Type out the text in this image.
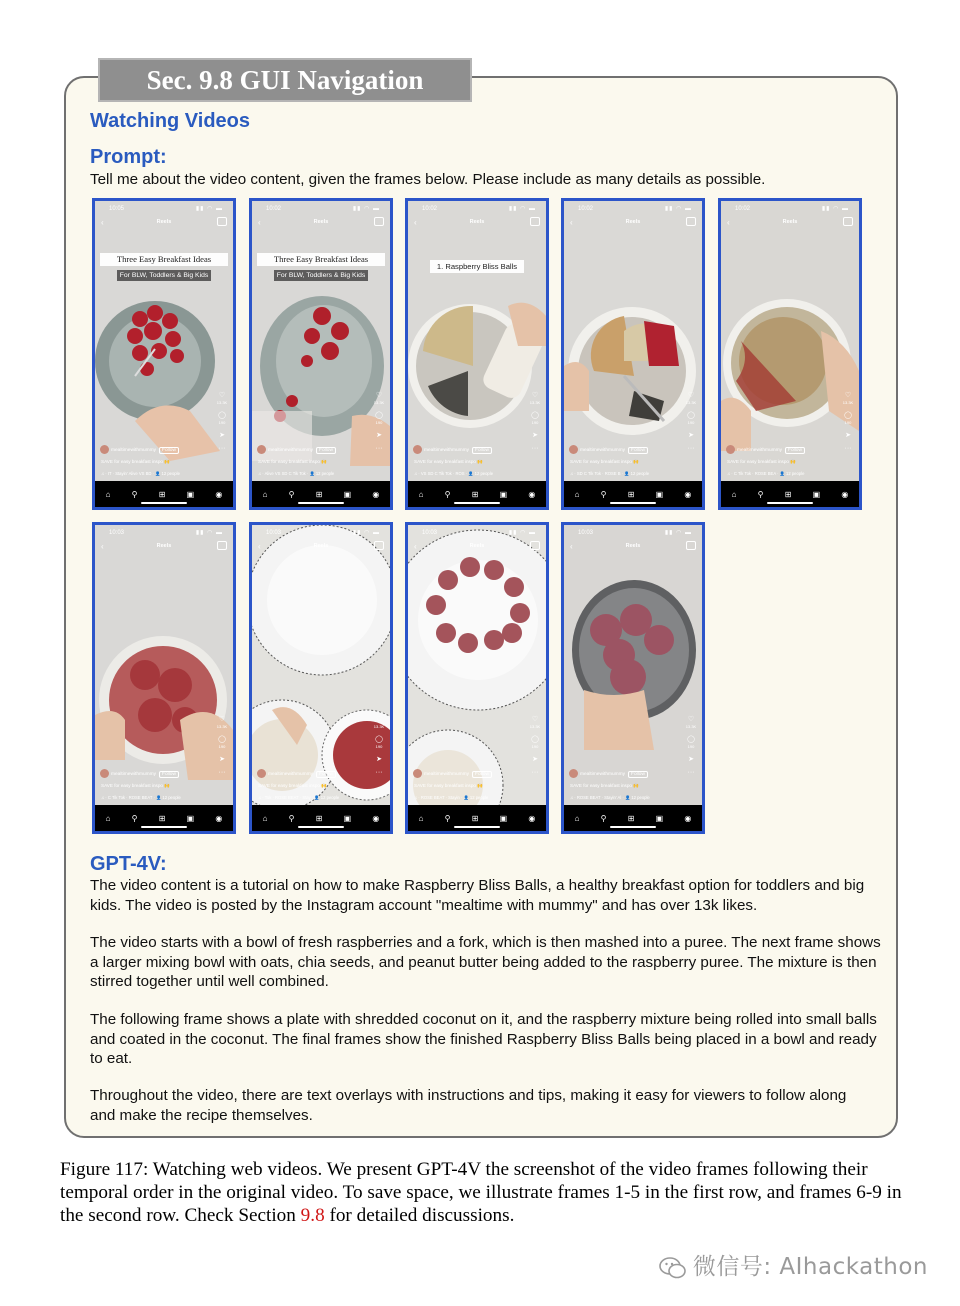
Sec. 9.8 GUI Navigation
Watching Videos
Prompt:
Tell me about the video content, given the frames below. Please include as many details as possible.
10:05	▮▮ ◠ ▬
‹	Reels
Three Easy Breakfast Ideas
For BLW, Toddlers & Big Kids
♡
13.3K
◯
190
➤
···
mealtimewithmummy Follow
SAVE for easy breakfast inspo 🙌
♫ · IT · Stayin' Alive VS BD · 👤 12 people
⌂	⚲	⊞	▣	◉
10:02	▮▮ ◠ ▬
‹	Reels
Three Easy Breakfast Ideas
For BLW, Toddlers & Big Kids
♡
13.3K
◯
190
➤
···
mealtimewithmummy Follow
SAVE for easy breakfast inspo 🙌
♫ · Alive VS SD C Tik Tok · 👤 12 people
⌂	⚲	⊞	▣	◉
10:02	▮▮ ◠ ▬
‹	Reels
1. Raspberry Bliss Balls
♡
13.3K
◯
190
➤
···
mealtimewithmummy Follow
SAVE for easy breakfast inspo 🙌
♫ · VS SD C Tik Tok · ROS · 👤 12 people
⌂	⚲	⊞	▣	◉
10:02	▮▮ ◠ ▬
‹	Reels
♡
13.3K
◯
190
➤
···
mealtimewithmummy Follow
SAVE for easy breakfast inspo 🙌
♫ · SD C Tik Tok · ROSE B · 👤 12 people
⌂	⚲	⊞	▣	◉
10:02	▮▮ ◠ ▬
‹	Reels
♡
13.3K
◯
190
➤
···
mealtimewithmummy Follow
SAVE for easy breakfast inspo 🙌
♫ · C Tik Tok · ROSE BEA · 👤 12 people
⌂	⚲	⊞	▣	◉
10:03	▮▮ ◠ ▬
‹	Reels
♡
13.3K
◯
190
➤
···
mealtimewithmummy Follow
SAVE for easy breakfast inspo 🙌
♫ · C Tik Tok · ROSE BEAT · 👤 12 people
⌂	⚲	⊞	▣	◉
10:03	▮▮ ◠ ▬
‹	Reels
♡
13.3K
◯
190
➤
···
mealtimewithmummy Follow
SAVE for easy breakfast inspo 🙌
♫ · Tok · ROSE BEAT · Stay · 👤 12 people
⌂	⚲	⊞	▣	◉
10:03	▮▮ ◠ ▬
‹	Reels
♡
13.3K
◯
190
➤
···
mealtimewithmummy Follow
SAVE for easy breakfast inspo 🙌
♫ · ROSE BEAT · Stayin · 👤 12 people
⌂	⚲	⊞	▣	◉
10:03	▮▮ ◠ ▬
‹	Reels
♡
13.3K
◯
190
➤
···
mealtimewithmummy Follow
SAVE for easy breakfast inspo 🙌
♫ · ROSE BEAT · Stayin' Al · 👤 12 people
⌂	⚲	⊞	▣	◉
GPT-4V:
The video content is a tutorial on how to make Raspberry Bliss Balls, a healthy breakfast option for toddlers and big kids. The video is posted by the Instagram account "mealtime with mummy" and has over 13k likes.
The video starts with a bowl of fresh raspberries and a fork, which is then mashed into a puree. The next frame shows a larger mixing bowl with oats, chia seeds, and peanut butter being added to the raspberry puree. The mixture is then stirred together until well combined.
The following frame shows a plate with shredded coconut on it, and the raspberry mixture being rolled into small balls and coated in the coconut. The final frames show the finished Raspberry Bliss Balls being placed in a bowl and ready to eat.
Throughout the video, there are text overlays with instructions and tips, making it easy for viewers to follow along and make the recipe themselves.
Figure 117: Watching web videos. We present GPT-4V the screenshot of the video frames following their temporal order in the original video. To save space, we illustrate frames 1-5 in the first row, and frames 6-9 in the second row. Check Section 9.8 for detailed discussions.
微信号: AIhackathon
